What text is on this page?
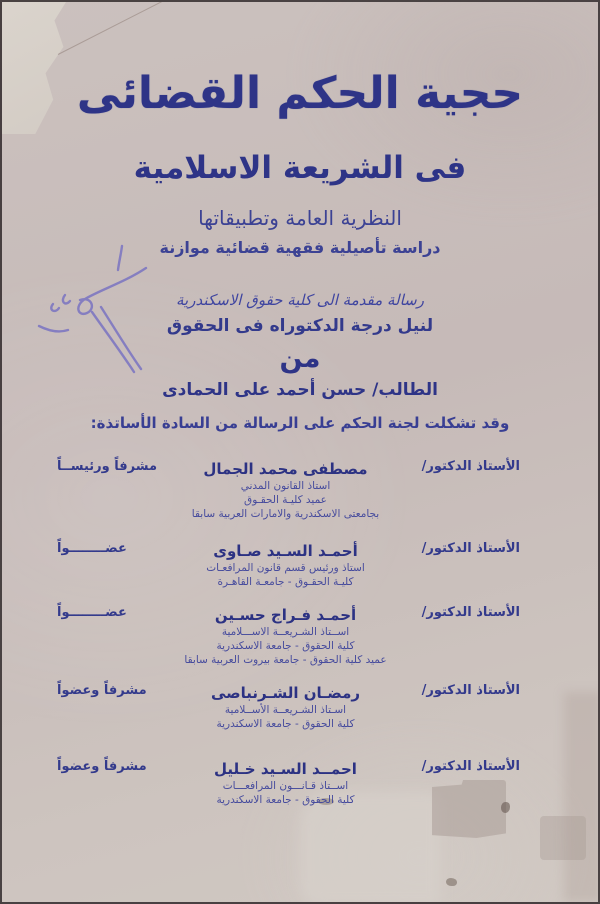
حجية الحكم القضائى
فى الشريعة الاسلامية
النظرية العامة وتطبيقاتها
دراسة تأصيلية فقهية قضائية موازنة
رسالة مقدمة الى كلية حقوق الاسكندرية
لنيل درجة الدكتوراه فى الحقوق
من
الطالب/ حسن أحمد على الحمادى
وقد تشكلت لجنة الحكم على الرسالة من السادة الأساتذة:
الأستاذ الدكتور/
مصطفى محمد الجمال
استاذ القانون المدني
عميد كليـة الحقـوق
بجامعتى الاسكندرية والامارات العربية سابقا
مشرفاً ورئيســاً
الأستاذ الدكتور/
أحمـد السـيد صـاوى
استاذ ورئيس قسم قانون المرافعـات
كليـة الحقـوق - جامعـة القاهـرة
عضــــــــواً
الأستاذ الدكتور/
أحمـد فـراج حسـين
اســتاذ الشـريعــة الاســـلامية
كلية الحقوق - جامعة الاسكندرية
عميد كلية الحقوق - جامعة بيروت العربية سابقا
عضــــــــواً
الأستاذ الدكتور/
رمضـان الشـرنباصى
اسـتاذ الشـريعــة الأســلامية
كلية الحقوق - جامعة الاسكندرية
مشرفاً وعضواً
الأستاذ الدكتور/
احمــد السـيد خـليل
اســتاذ قـانـــون المرافعـــات
كلية الحقوق - جامعة الاسكندرية
مشرفاً وعضواً
